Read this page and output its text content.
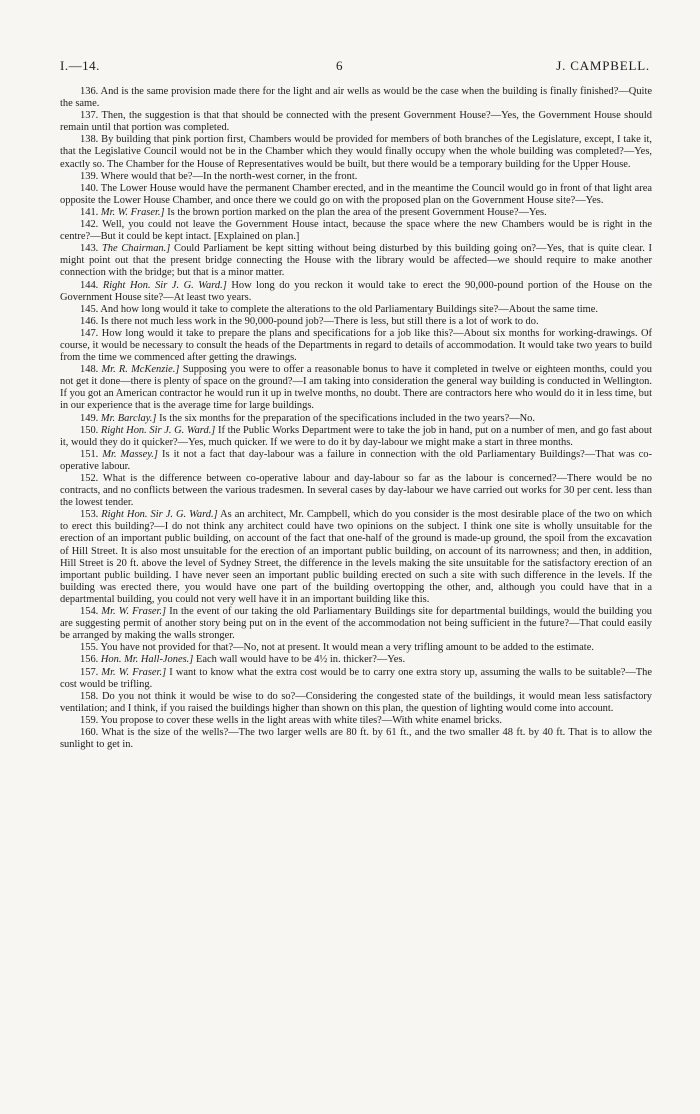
I.—14.	6	J. CAMPBELL.

136. And is the same provision made there for the light and air wells as would be the case when the building is finally finished?—Quite the same.

137. Then, the suggestion is that that should be connected with the present Government House?—Yes, the Government House should remain until that portion was completed.

138. By building that pink portion first, Chambers would be provided for members of both branches of the Legislature, except, I take it, that the Legislative Council would not be in the Chamber which they would finally occupy when the whole building was completed?—Yes, exactly so. The Chamber for the House of Representatives would be built, but there would be a temporary building for the Upper House.

139. Where would that be?—In the north-west corner, in the front.

140. The Lower House would have the permanent Chamber erected, and in the meantime the Council would go in front of that light area opposite the Lower House Chamber, and once there we could go on with the proposed plan on the Government House site?—Yes.

141. Mr. W. Fraser.] Is the brown portion marked on the plan the area of the present Government House?—Yes.

142. Well, you could not leave the Government House intact, because the space where the new Chambers would be is right in the centre?—But it could be kept intact. [Explained on plan.]

143. The Chairman.] Could Parliament be kept sitting without being disturbed by this building going on?—Yes, that is quite clear. I might point out that the present bridge connecting the House with the library would be affected—we should require to make another connection with the bridge; but that is a minor matter.

144. Right Hon. Sir J. G. Ward.] How long do you reckon it would take to erect the 90,000-pound portion of the House on the Government House site?—At least two years.

145. And how long would it take to complete the alterations to the old Parliamentary Buildings site?—About the same time.

146. Is there not much less work in the 90,000-pound job?—There is less, but still there is a lot of work to do.

147. How long would it take to prepare the plans and specifications for a job like this?—About six months for working-drawings. Of course, it would be necessary to consult the heads of the Departments in regard to details of accommodation. It would take two years to build from the time we commenced after getting the drawings.

148. Mr. R. McKenzie.] Supposing you were to offer a reasonable bonus to have it completed in twelve or eighteen months, could you not get it done—there is plenty of space on the ground?—I am taking into consideration the general way building is conducted in Wellington. If you got an American contractor he would run it up in twelve months, no doubt. There are contractors here who would do it in less time, but in our experience that is the average time for large buildings.

149. Mr. Barclay.] Is the six months for the preparation of the specifications included in the two years?—No.

150. Right Hon. Sir J. G. Ward.] If the Public Works Department were to take the job in hand, put on a number of men, and go fast about it, would they do it quicker?—Yes, much quicker. If we were to do it by day-labour we might make a start in three months.

151. Mr. Massey.] Is it not a fact that day-labour was a failure in connection with the old Parliamentary Buildings?—That was co-operative labour.

152. What is the difference between co-operative labour and day-labour so far as the labour is concerned?—There would be no contracts, and no conflicts between the various tradesmen. In several cases by day-labour we have carried out works for 30 per cent. less than the lowest tender.

153. Right Hon. Sir J. G. Ward.] As an architect, Mr. Campbell, which do you consider is the most desirable place of the two on which to erect this building?—I do not think any architect could have two opinions on the subject. I think one site is wholly unsuitable for the erection of an important public building, on account of the fact that one-half of the ground is made-up ground, the spoil from the excavation of Hill Street. It is also most unsuitable for the erection of an important public building, on account of its narrowness; and then, in addition, Hill Street is 20 ft. above the level of Sydney Street, the difference in the levels making the site unsuitable for the satisfactory erection of an important public building. I have never seen an important public building erected on such a site with such difference in the levels. If the building was erected there, you would have one part of the building overtopping the other, and, although you could have that in a departmental building, you could not very well have it in an important building like this.

154. Mr. W. Fraser.] In the event of our taking the old Parliamentary Buildings site for departmental buildings, would the building you are suggesting permit of another story being put on in the event of the accommodation not being sufficient in the future?—That could easily be arranged by making the walls stronger.

155. You have not provided for that?—No, not at present. It would mean a very trifling amount to be added to the estimate.

156. Hon. Mr. Hall-Jones.] Each wall would have to be 4½ in. thicker?—Yes.

157. Mr. W. Fraser.] I want to know what the extra cost would be to carry one extra story up, assuming the walls to be suitable?—The cost would be trifling.

158. Do you not think it would be wise to do so?—Considering the congested state of the buildings, it would mean less satisfactory ventilation; and I think, if you raised the buildings higher than shown on this plan, the question of lighting would come into account.

159. You propose to cover these wells in the light areas with white tiles?—With white enamel bricks.

160. What is the size of the wells?—The two larger wells are 80 ft. by 61 ft., and the two smaller 48 ft. by 40 ft. That is to allow the sunlight to get in.
